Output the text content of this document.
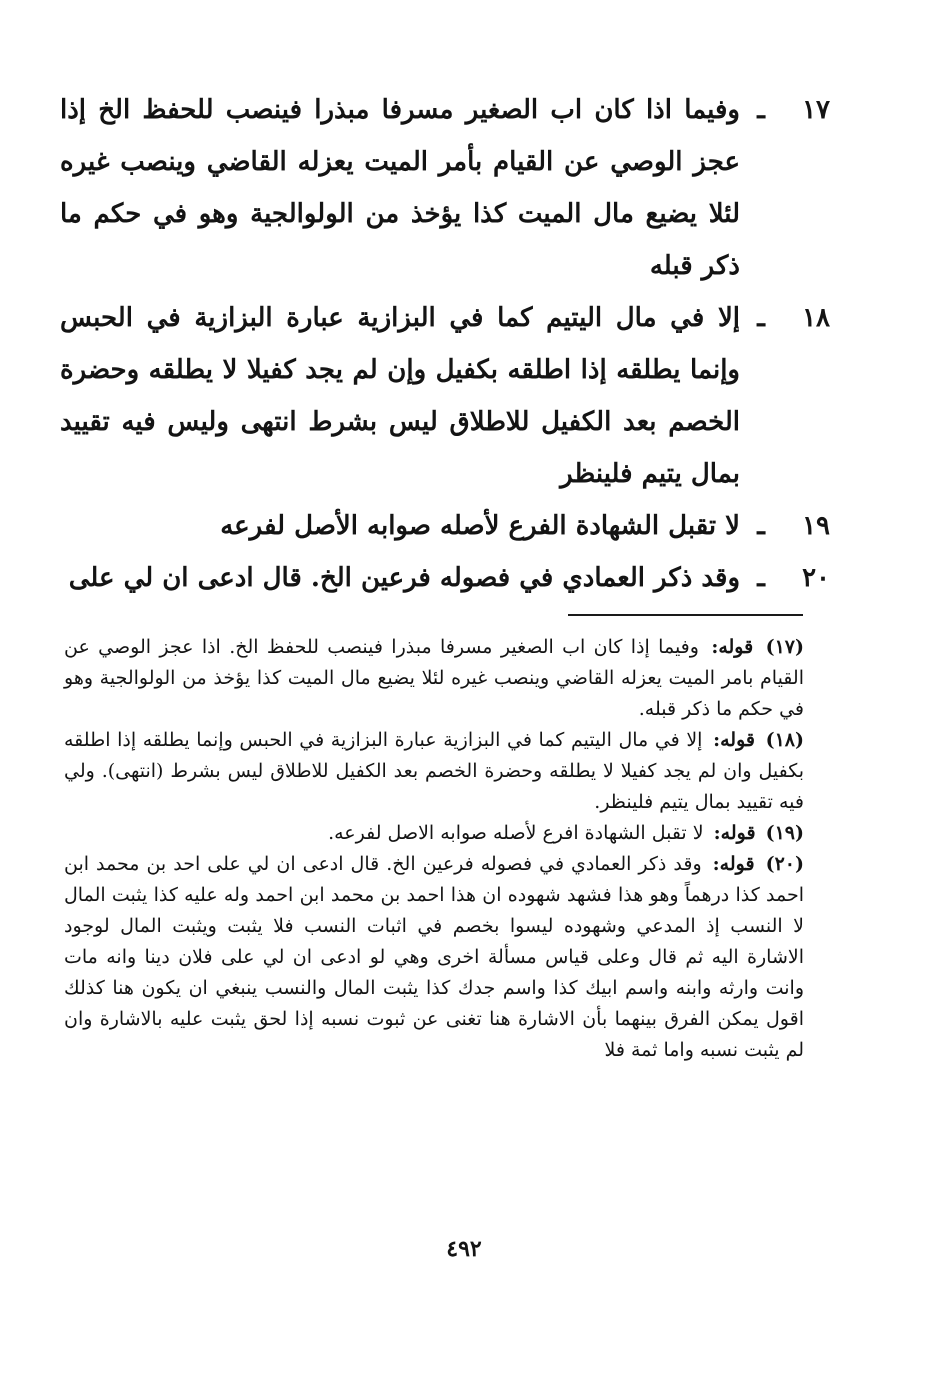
١٧
ـ
وفيما اذا كان اب الصغير مسرفا مبذرا فينصب للحفظ الخ إذا عجز الوصي عن القيام بأمر الميت يعزله القاضي وينصب غيره لئلا يضيع مال الميت كذا يؤخذ من الولوالجية وهو في حكم ما ذكر قبله
١٨
ـ
إلا في مال اليتيم كما في البزازية عبارة البزازية في الحبس وإنما يطلقه إذا اطلقه بكفيل وإن لم يجد كفيلا لا يطلقه وحضرة الخصم بعد الكفيل للاطلاق ليس بشرط انتهى وليس فيه تقييد بمال يتيم فلينظر
١٩
ـ
لا تقبل الشهادة الفرع لأصله صوابه الأصل لفرعه
٢٠
ـ
وقد ذكر العمادي في فصوله فرعين الخ. قال ادعى ان لي على

(١٧) قوله: وفيما إذا كان اب الصغير مسرفا مبذرا فينصب للحفظ الخ. اذا عجز الوصي عن القيام بامر الميت يعزله القاضي وينصب غيره لئلا يضيع مال الميت كذا يؤخذ من الولوالجية وهو في حكم ما ذكر قبله.

(١٨) قوله: إلا في مال اليتيم كما في البزازية عبارة البزازية في الحبس وإنما يطلقه إذا اطلقه بكفيل وان لم يجد كفيلا لا يطلقه وحضرة الخصم بعد الكفيل للاطلاق ليس بشرط (انتهى). ولي فيه تقييد بمال يتيم فلينظر.

(١٩) قوله: لا تقبل الشهادة افرع لأصله صوابه الاصل لفرعه.

(٢٠) قوله: وقد ذكر العمادي في فصوله فرعين الخ. قال ادعى ان لي على احد بن محمد ابن احمد كذا درهماً وهو هذا فشهد شهوده ان هذا احمد بن محمد ابن احمد وله عليه كذا يثبت المال لا النسب إذ المدعي وشهوده ليسوا بخصم في اثبات النسب فلا يثبت ويثبت المال لوجود الاشارة اليه ثم قال وعلى قياس مسألة اخرى وهي لو ادعى ان لي على فلان دينا وانه مات وانت وارثه وابنه واسم ابيك كذا واسم جدك كذا يثبت المال والنسب ينبغي ان يكون هنا كذلك اقول يمكن الفرق بينهما بأن الاشارة هنا تغنى عن ثبوت نسبه إذا لحق يثبت عليه بالاشارة وان لم يثبت نسبه واما ثمة فلا

٤٩٢
